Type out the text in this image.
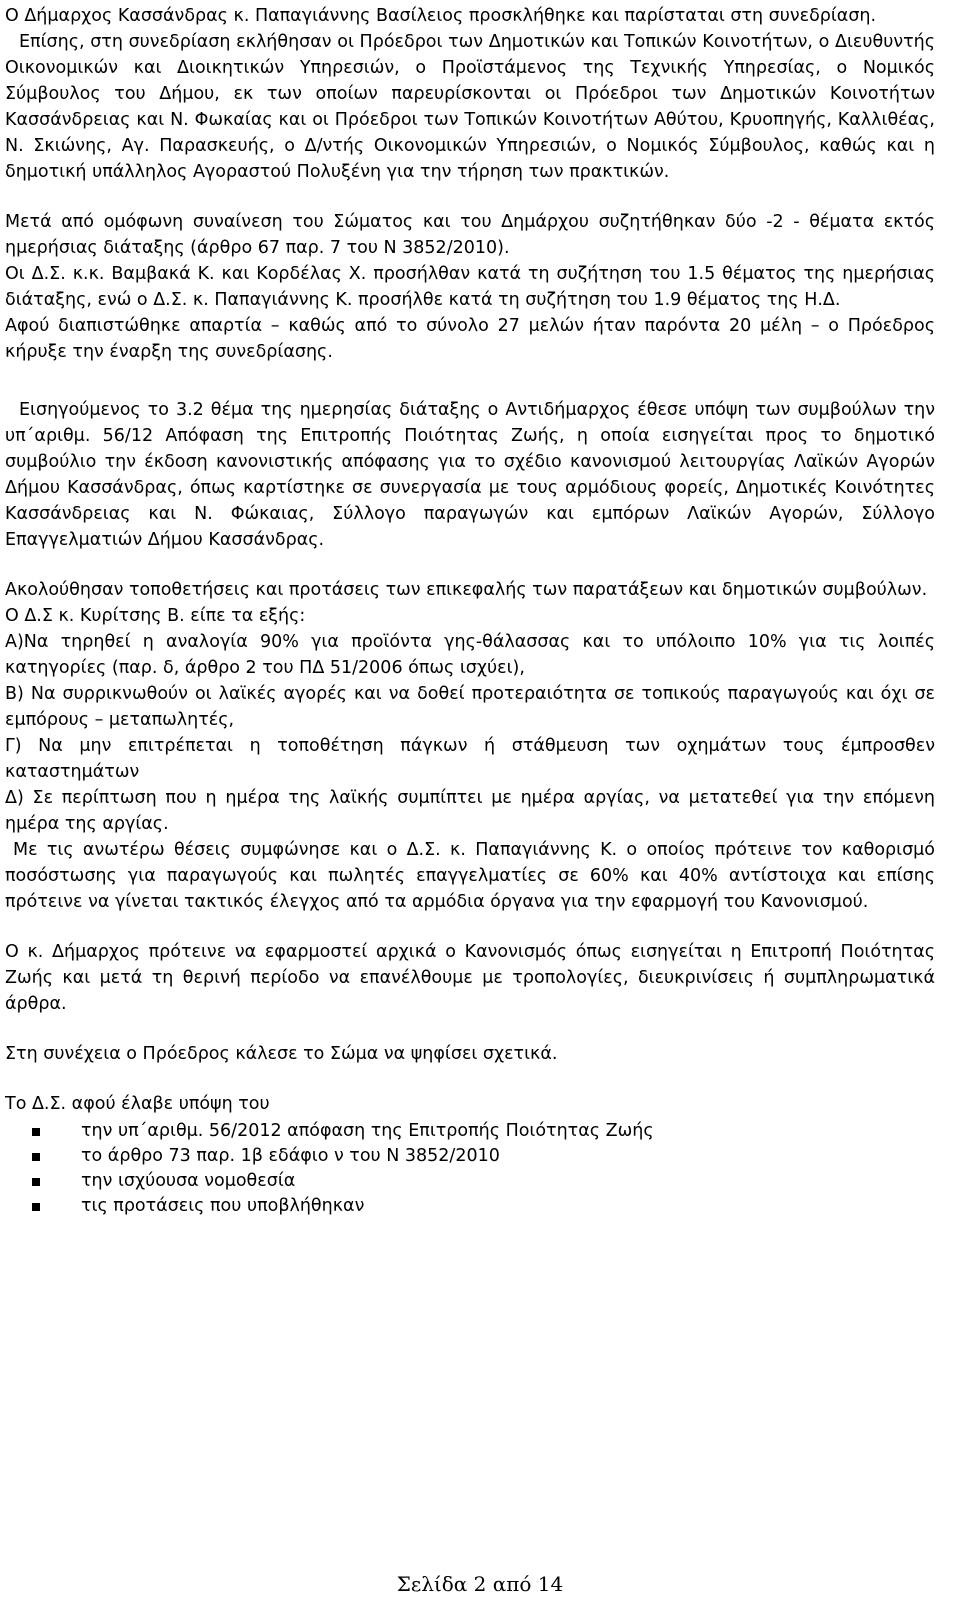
Ο Δήμαρχος Κασσάνδρας κ. Παπαγιάννης Βασίλειος προσκλήθηκε και παρίσταται στη συνεδρίαση.

Επίσης, στη συνεδρίαση εκλήθησαν οι Πρόεδροι των Δημοτικών και Τοπικών Κοινοτήτων, ο Διευθυντής Οικονομικών και Διοικητικών Υπηρεσιών, ο Προϊστάμενος της Τεχνικής Υπηρεσίας, ο Νομικός Σύμβουλος του Δήμου, εκ των οποίων παρευρίσκονται οι Πρόεδροι των Δημοτικών Κοινοτήτων Κασσάνδρειας και Ν. Φωκαίας και οι Πρόεδροι των Τοπικών Κοινοτήτων Αθύτου, Κρυοπηγής, Καλλιθέας, Ν. Σκιώνης, Αγ. Παρασκευής, ο Δ/ντής Οικονομικών Υπηρεσιών, ο Νομικός Σύμβουλος, καθώς και η δημοτική υπάλληλος Αγοραστού Πολυξένη για την τήρηση των πρακτικών.

Μετά από ομόφωνη συναίνεση του Σώματος και του Δημάρχου συζητήθηκαν δύο -2 - θέματα εκτός ημερήσιας διάταξης (άρθρο 67 παρ. 7 του Ν 3852/2010).

Οι Δ.Σ. κ.κ. Βαμβακά Κ. και Κορδέλας Χ. προσήλθαν κατά τη συζήτηση του 1.5 θέματος της ημερήσιας διάταξης, ενώ ο Δ.Σ. κ. Παπαγιάννης Κ. προσήλθε κατά τη συζήτηση του 1.9 θέματος της Η.Δ.

Αφού διαπιστώθηκε απαρτία – καθώς από το σύνολο 27 μελών ήταν παρόντα 20 μέλη – ο Πρόεδρος κήρυξε την έναρξη της συνεδρίασης.

Εισηγούμενος το 3.2 θέμα της ημερησίας διάταξης ο Αντιδήμαρχος έθεσε υπόψη των συμβούλων την υπ΄αριθμ. 56/12 Απόφαση της Επιτροπής Ποιότητας Ζωής, η οποία εισηγείται προς το δημοτικό συμβούλιο την έκδοση κανονιστικής απόφασης για το σχέδιο κανονισμού λειτουργίας Λαϊκών Αγορών Δήμου Κασσάνδρας, όπως καρτίστηκε σε συνεργασία με τους αρμόδιους φορείς, Δημοτικές Κοινότητες Κασσάνδρειας και Ν. Φώκαιας, Σύλλογο παραγωγών και εμπόρων Λαϊκών Αγορών, Σύλλογο Επαγγελματιών Δήμου Κασσάνδρας.

Ακολούθησαν τοποθετήσεις και προτάσεις των επικεφαλής των παρατάξεων και δημοτικών συμβούλων.

Ο Δ.Σ κ. Κυρίτσης Β. είπε τα εξής:

Α)Να τηρηθεί η αναλογία 90% για προϊόντα γης-θάλασσας και το υπόλοιπο 10% για τις λοιπές κατηγορίες (παρ. δ, άρθρο 2 του ΠΔ 51/2006 όπως ισχύει),

Β) Να συρρικνωθούν οι λαϊκές αγορές και να δοθεί προτεραιότητα σε τοπικούς παραγωγούς και όχι σε εμπόρους – μεταπωλητές,

Γ) Να μην επιτρέπεται η τοποθέτηση πάγκων ή στάθμευση των οχημάτων τους έμπροσθεν καταστημάτων

Δ) Σε περίπτωση που η ημέρα της λαϊκής συμπίπτει με ημέρα αργίας, να μετατεθεί για την επόμενη ημέρα της αργίας.

Με τις ανωτέρω θέσεις συμφώνησε και ο Δ.Σ. κ. Παπαγιάννης Κ. ο οποίος πρότεινε τον καθορισμό ποσόστωσης για παραγωγούς και πωλητές επαγγελματίες σε 60% και 40% αντίστοιχα και επίσης πρότεινε να γίνεται τακτικός έλεγχος από τα αρμόδια όργανα για την εφαρμογή του Κανονισμού.

Ο κ. Δήμαρχος πρότεινε να εφαρμοστεί αρχικά ο Κανονισμός όπως εισηγείται η Επιτροπή Ποιότητας Ζωής και μετά τη θερινή περίοδο να επανέλθουμε με τροπολογίες, διευκρινίσεις ή συμπληρωματικά άρθρα.

Στη συνέχεια ο Πρόεδρος κάλεσε το Σώμα να ψηφίσει σχετικά.

Το Δ.Σ. αφού έλαβε υπόψη του

την υπ΄αριθμ. 56/2012 απόφαση της Επιτροπής Ποιότητας Ζωής
το άρθρο 73 παρ. 1β εδάφιο ν του Ν 3852/2010
την ισχύουσα νομοθεσία
τις προτάσεις που υποβλήθηκαν
Σελίδα 2 από 14
